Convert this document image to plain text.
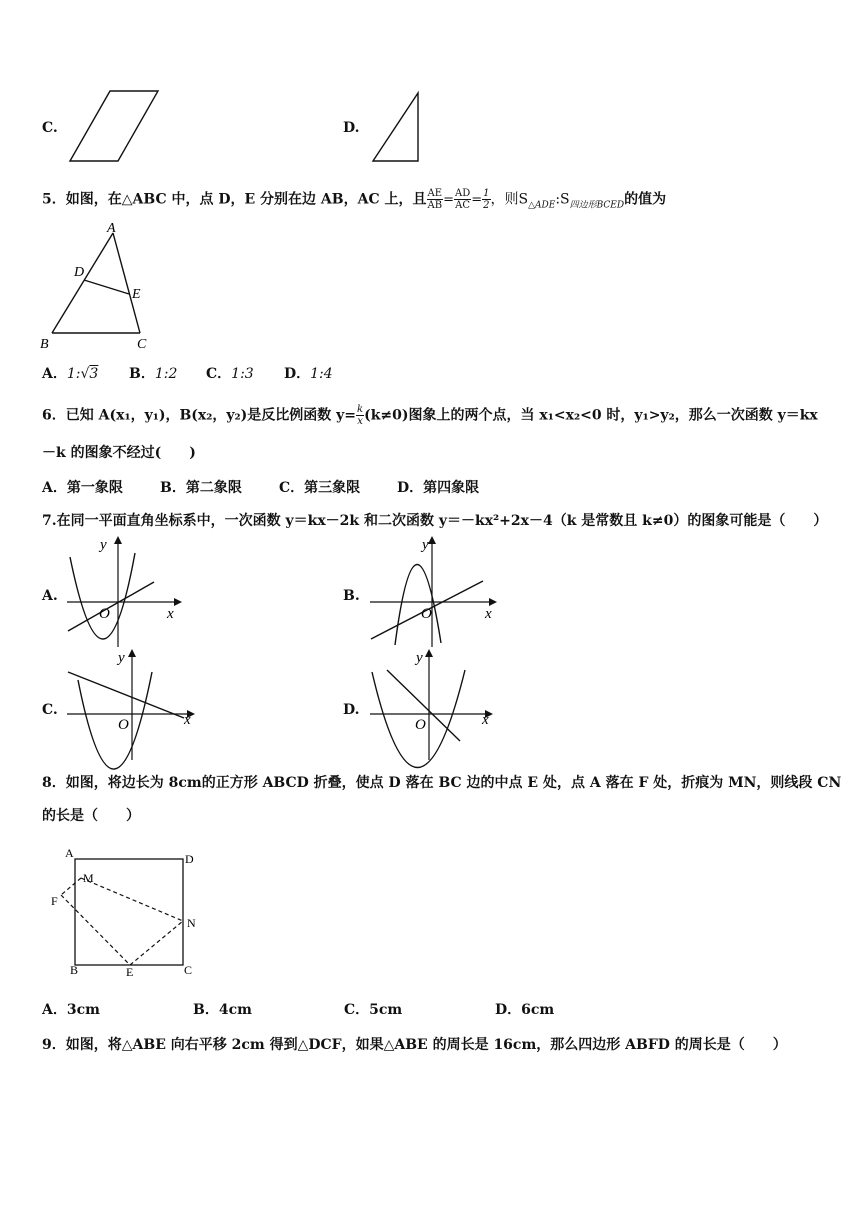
C.	D.
5．如图，在△ABC 中，点 D，E 分别在边 AB，AC 上，且 $\frac{AE}{AB} = \frac{AD}{AC} = \frac{1}{2}$ ，则$S_{\triangle ADE}:S_{四边形BCED}$的值为
A
D
E
B	C
A．1:√3 B．1:2 C．1:3 D．1:4
6．已知 A(x₁，y₁)，B(x₂，y₂)是反比例函数 $y= \frac{k}{x} (k\ne 0)$图象上的两个点，当 x₁<x₂<0 时，y₁>y₂，那么一次函数 y＝kx
－k 的图象不经过(　　)
A．第一象限	B．第二象限	C．第三象限	D．第四象限
7.在同一平面直角坐标系中，一次函数 y＝kx－2k 和二次函数 y＝－kx²+2x－4（k 是常数且 k≠0）的图象可能是（　　）
A.
y
O	x
B.
y
O	x
C.
y
O	x
D.
y
O	x
8．如图，将边长为 8cm的正方形 ABCD 折叠，使点 D 落在 BC 边的中点 E 处，点 A 落在 F 处，折痕为 MN，则线段 CN
的长是（　　）
A	D
M
F
N
B	E	C
A．3cm	B．4cm	C．5cm	D．6cm
9．如图，将△ABE 向右平移 2cm 得到△DCF，如果△ABE 的周长是 16cm，那么四边形 ABFD 的周长是（　　）
